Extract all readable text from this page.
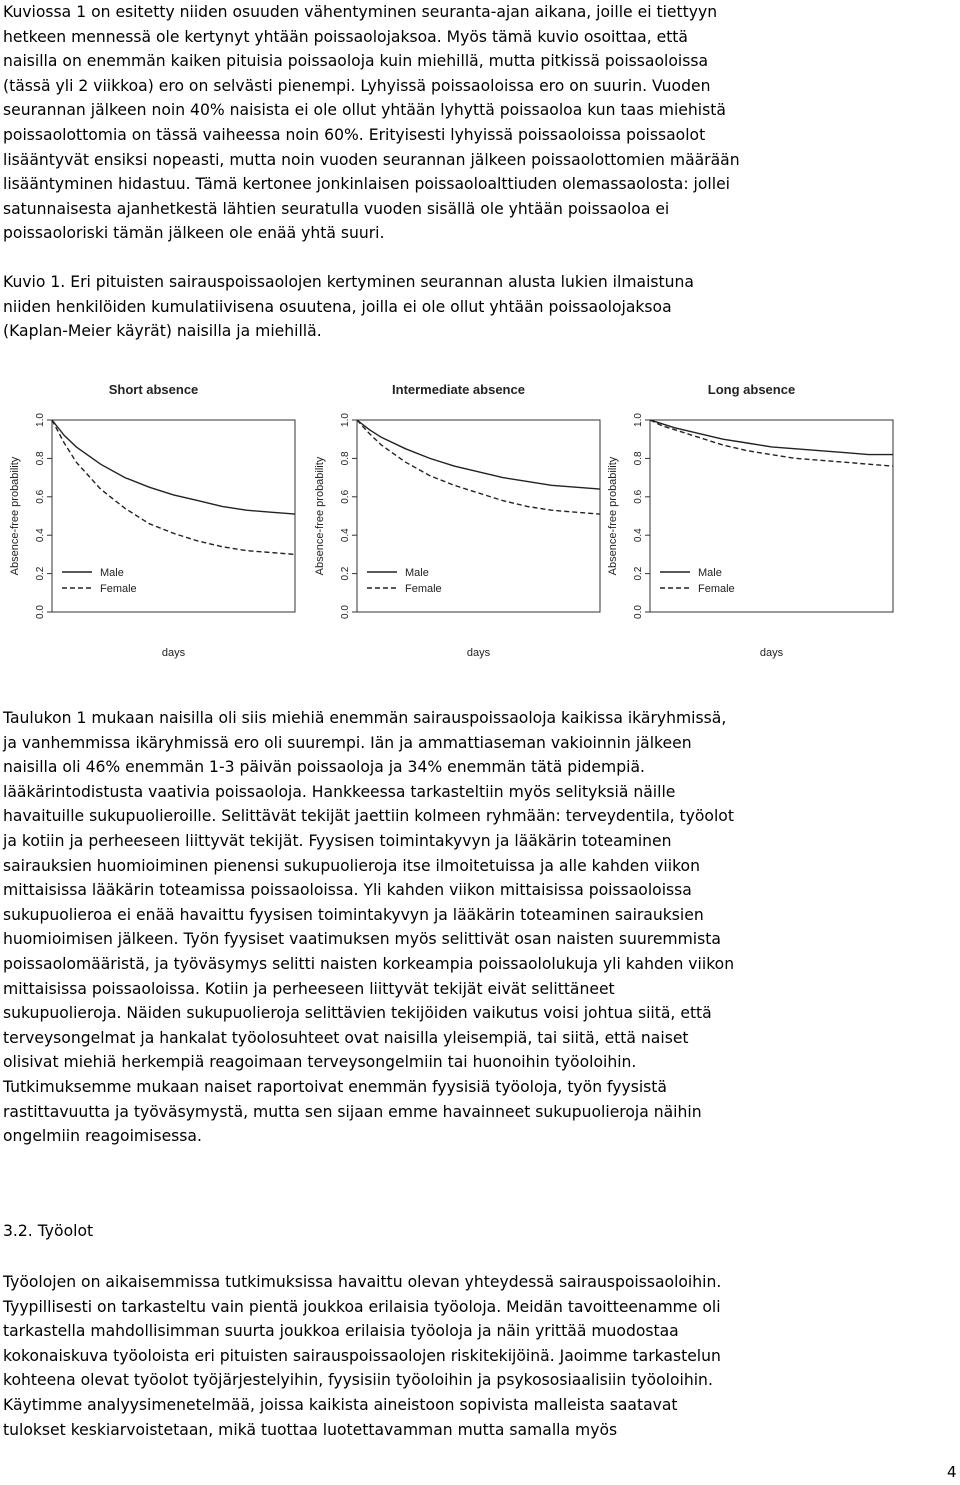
Kuviossa 1 on esitetty niiden osuuden vähentyminen seuranta-ajan aikana, joille ei tiettyyn
hetkeen mennessä ole kertynyt yhtään poissaolojaksoa. Myös tämä kuvio osoittaa, että
naisilla on enemmän kaiken pituisia poissaoloja kuin miehillä, mutta pitkissä poissaoloissa
(tässä yli 2 viikkoa) ero on selvästi pienempi. Lyhyissä poissaoloissa ero on suurin. Vuoden
seurannan jälkeen noin 40% naisista ei ole ollut yhtään lyhyttä poissaoloa kun taas miehistä
poissaolottomia on tässä vaiheessa noin 60%. Erityisesti lyhyissä poissaoloissa poissaolot
lisääntyvät ensiksi nopeasti, mutta noin vuoden seurannan jälkeen poissaolottomien määrään
lisääntyminen hidastuu. Tämä kertonee jonkinlaisen poissaoloalttiuden olemassaolosta: jollei
satunnaisesta ajanhetkestä lähtien seuratulla vuoden sisällä ole yhtään poissaoloa ei
poissaoloriski tämän jälkeen ole enää yhtä suuri.

Kuvio 1. Eri pituisten sairauspoissaolojen kertyminen seurannan alusta lukien ilmaistuna
niiden henkilöiden kumulatiivisena osuutena, joilla ei ole ollut yhtään poissaolojaksoa
(Kaplan-Meier käyrät) naisilla ja miehillä.

Short absence
0.0
0.2
0.4
0.6
0.8
1.0
Absence-free probability
days
Male
Female
Intermediate absence
0.0
0.2
0.4
0.6
0.8
1.0
Absence-free probability
days
Male
Female
Long absence
0.0
0.2
0.4
0.6
0.8
1.0
Absence-free probability
days
Male
Female

Taulukon 1 mukaan naisilla oli siis miehiä enemmän sairauspoissaoloja kaikissa ikäryhmissä,
ja vanhemmissa ikäryhmissä ero oli suurempi. Iän ja ammattiaseman vakioinnin jälkeen
naisilla oli 46% enemmän 1-3 päivän poissaoloja ja 34% enemmän tätä pidempiä.
lääkärintodistusta vaativia poissaoloja. Hankkeessa tarkasteltiin myös selityksiä näille
havaituille sukupuolieroille. Selittävät tekijät jaettiin kolmeen ryhmään: terveydentila, työolot
ja kotiin ja perheeseen liittyvät tekijät. Fyysisen toimintakyvyn ja lääkärin toteaminen
sairauksien huomioiminen pienensi sukupuolieroja itse ilmoitetuissa ja alle kahden viikon
mittaisissa lääkärin toteamissa poissaoloissa. Yli kahden viikon mittaisissa poissaoloissa
sukupuolieroa ei enää havaittu fyysisen toimintakyvyn ja lääkärin toteaminen sairauksien
huomioimisen jälkeen. Työn fyysiset vaatimuksen myös selittivät osan naisten suuremmista
poissaolomääristä, ja työväsymys selitti naisten korkeampia poissaololukuja yli kahden viikon
mittaisissa poissaoloissa. Kotiin ja perheeseen liittyvät tekijät eivät selittäneet
sukupuolieroja. Näiden sukupuolieroja selittävien tekijöiden vaikutus voisi johtua siitä, että
terveysongelmat ja hankalat työolosuhteet ovat naisilla yleisempiä, tai siitä, että naiset
olisivat miehiä herkempiä reagoimaan terveysongelmiin tai huonoihin työoloihin.
Tutkimuksemme mukaan naiset raportoivat enemmän fyysisiä työoloja, työn fyysistä
rastittavuutta ja työväsymystä, mutta sen sijaan emme havainneet sukupuolieroja näihin
ongelmiin reagoimisessa.

3.2. Työolot

Työolojen on aikaisemmissa tutkimuksissa havaittu olevan yhteydessä sairauspoissaoloihin.
Tyypillisesti on tarkasteltu vain pientä joukkoa erilaisia työoloja. Meidän tavoitteenamme oli
tarkastella mahdollisimman suurta joukkoa erilaisia työoloja ja näin yrittää muodostaa
kokonaiskuva työoloista eri pituisten sairauspoissaolojen riskitekijöinä. Jaoimme tarkastelun
kohteena olevat työolot työjärjestelyihin, fyysisiin työoloihin ja psykososiaalisiin työoloihin.
Käytimme analyysimenetelmää, joissa kaikista aineistoon sopivista malleista saatavat
tulokset keskiarvoistetaan, mikä tuottaa luotettavamman mutta samalla myös

4
